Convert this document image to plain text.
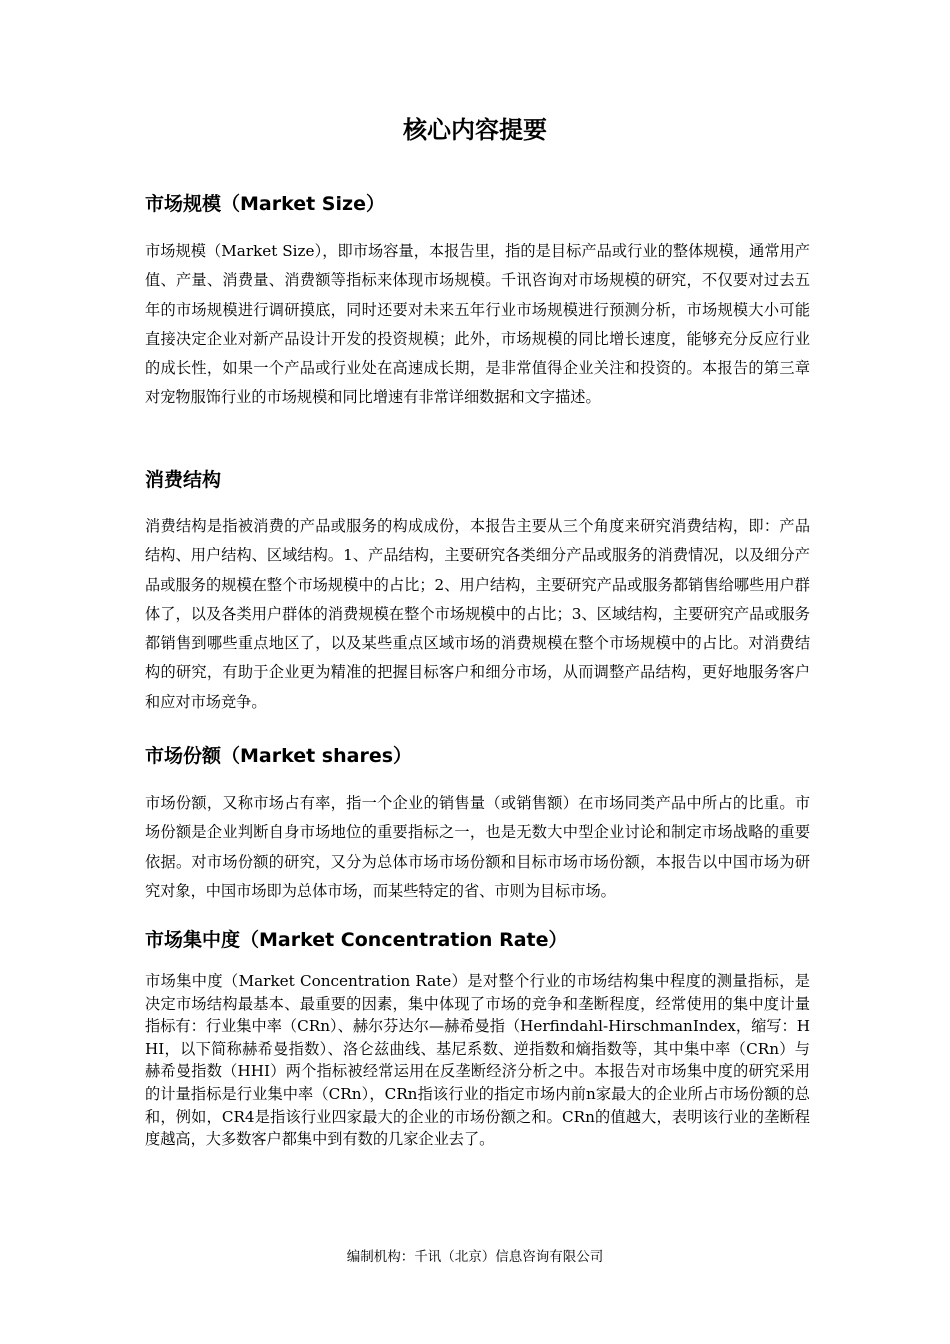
核心内容提要
市场规模（Market Size）

市场规模（Market Size），即市场容量，本报告里，指的是目标产品或行业的整体规模，通常用产值、产量、消费量、消费额等指标来体现市场规模。千讯咨询对市场规模的研究，不仅要对过去五年的市场规模进行调研摸底，同时还要对未来五年行业市场规模进行预测分析，市场规模大小可能直接决定企业对新产品设计开发的投资规模；此外，市场规模的同比增长速度，能够充分反应行业的成长性，如果一个产品或行业处在高速成长期，是非常值得企业关注和投资的。本报告的第三章对宠物服饰行业的市场规模和同比增速有非常详细数据和文字描述。

消费结构

消费结构是指被消费的产品或服务的构成成份，本报告主要从三个角度来研究消费结构，即：产品结构、用户结构、区域结构。1、产品结构，主要研究各类细分产品或服务的消费情况，以及细分产品或服务的规模在整个市场规模中的占比；2、用户结构，主要研究产品或服务都销售给哪些用户群体了，以及各类用户群体的消费规模在整个市场规模中的占比；3、区域结构，主要研究产品或服务都销售到哪些重点地区了，以及某些重点区域市场的消费规模在整个市场规模中的占比。对消费结构的研究，有助于企业更为精准的把握目标客户和细分市场，从而调整产品结构，更好地服务客户和应对市场竞争。

市场份额（Market shares）

市场份额，又称市场占有率，指一个企业的销售量（或销售额）在市场同类产品中所占的比重。市场份额是企业判断自身市场地位的重要指标之一，也是无数大中型企业讨论和制定市场战略的重要依据。对市场份额的研究，又分为总体市场市场份额和目标市场市场份额，本报告以中国市场为研究对象，中国市场即为总体市场，而某些特定的省、市则为目标市场。

市场集中度（Market Concentration Rate）

市场集中度（Market Concentration Rate）是对整个行业的市场结构集中程度的测量指标，是决定市场结构最基本、最重要的因素，集中体现了市场的竞争和垄断程度，经常使用的集中度计量指标有：行业集中率（CRn）、赫尔芬达尔—赫希曼指（Herfindahl-HirschmanIndex，缩写：HHI，以下简称赫希曼指数）、洛仑兹曲线、基尼系数、逆指数和熵指数等，其中集中率（CRn）与赫希曼指数（HHI）两个指标被经常运用在反垄断经济分析之中。本报告对市场集中度的研究采用的计量指标是行业集中率（CRn），CRn指该行业的指定市场内前n家最大的企业所占市场份额的总和，例如，CR4是指该行业四家最大的企业的市场份额之和。CRn的值越大，表明该行业的垄断程度越高，大多数客户都集中到有数的几家企业去了。

编制机构：千讯（北京）信息咨询有限公司
